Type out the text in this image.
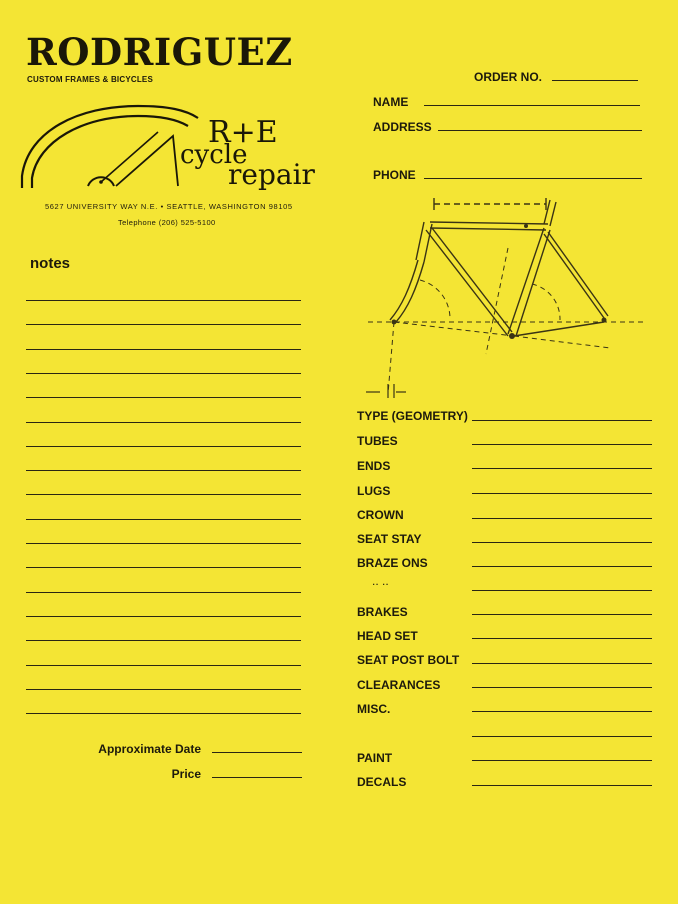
RODRIGUEZ
CUSTOM FRAMES & BICYCLES
R+E
cycle
repair
5627 UNIVERSITY WAY N.E. • SEATTLE, WASHINGTON 98105
Telephone (206) 525-5100
ORDER NO.
NAME
ADDRESS
PHONE
notes
Approximate Date
Price
TYPE (GEOMETRY)
TUBES
ENDS
LUGS
CROWN
SEAT STAY
BRAZE ONS
.. ..
BRAKES
HEAD SET
SEAT POST BOLT
CLEARANCES
MISC.
PAINT
DECALS
